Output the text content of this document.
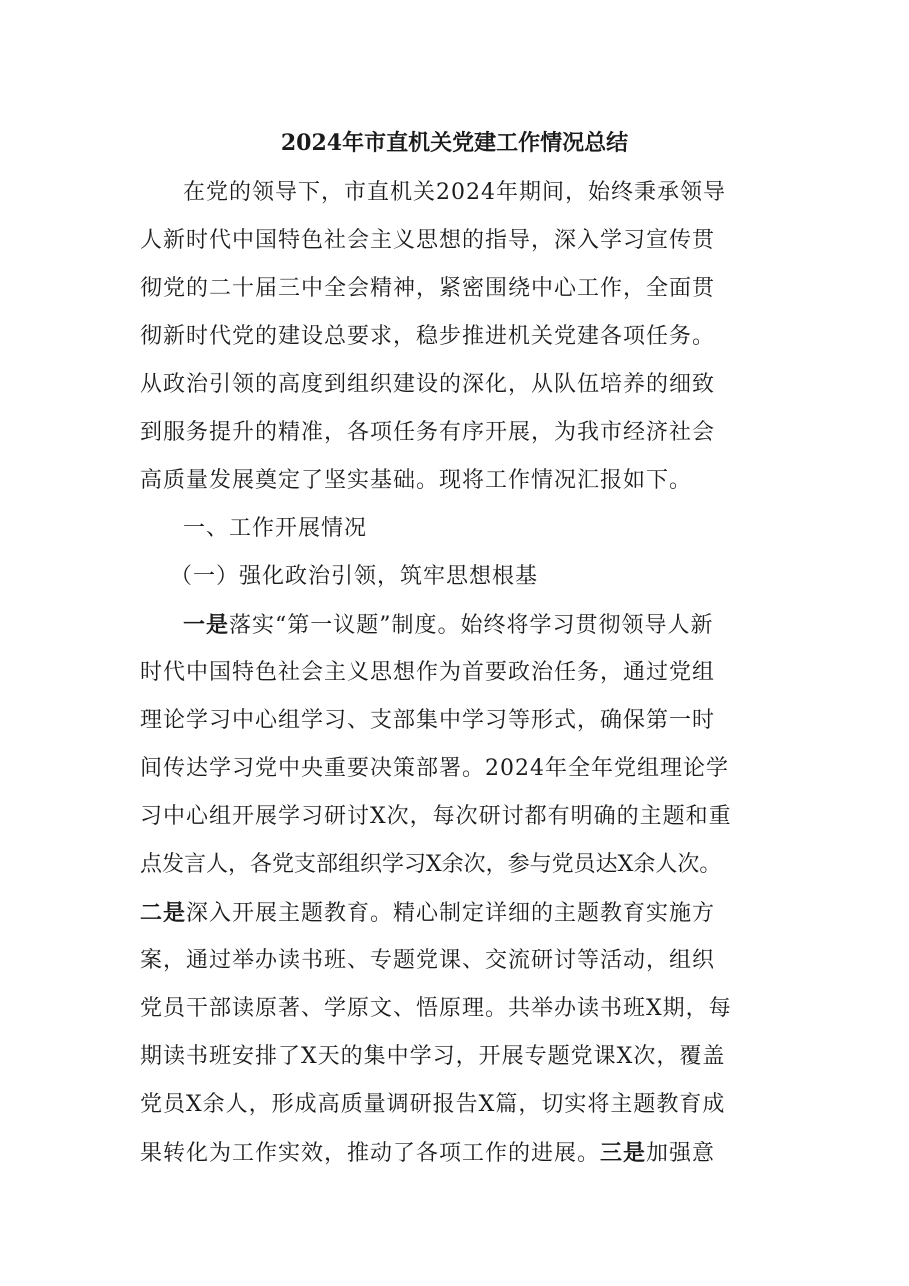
2024年市直机关党建工作情况总结
在党的领导下，市直机关2024年期间，始终秉承领导
人新时代中国特色社会主义思想的指导，深入学习宣传贯
彻党的二十届三中全会精神，紧密围绕中心工作，全面贯
彻新时代党的建设总要求，稳步推进机关党建各项任务。
从政治引领的高度到组织建设的深化，从队伍培养的细致
到服务提升的精准，各项任务有序开展，为我市经济社会
高质量发展奠定了坚实基础。现将工作情况汇报如下。
一、工作开展情况
（一）强化政治引领，筑牢思想根基
一是落实“第一议题”制度。始终将学习贯彻领导人新
时代中国特色社会主义思想作为首要政治任务，通过党组
理论学习中心组学习、支部集中学习等形式，确保第一时
间传达学习党中央重要决策部署。2024年全年党组理论学
习中心组开展学习研讨X次，每次研讨都有明确的主题和重
点发言人，各党支部组织学习X余次，参与党员达X余人次。
二是深入开展主题教育。精心制定详细的主题教育实施方
案，通过举办读书班、专题党课、交流研讨等活动，组织
党员干部读原著、学原文、悟原理。共举办读书班X期，每
期读书班安排了X天的集中学习，开展专题党课X次，覆盖
党员X余人，形成高质量调研报告X篇，切实将主题教育成
果转化为工作实效，推动了各项工作的进展。三是加强意
